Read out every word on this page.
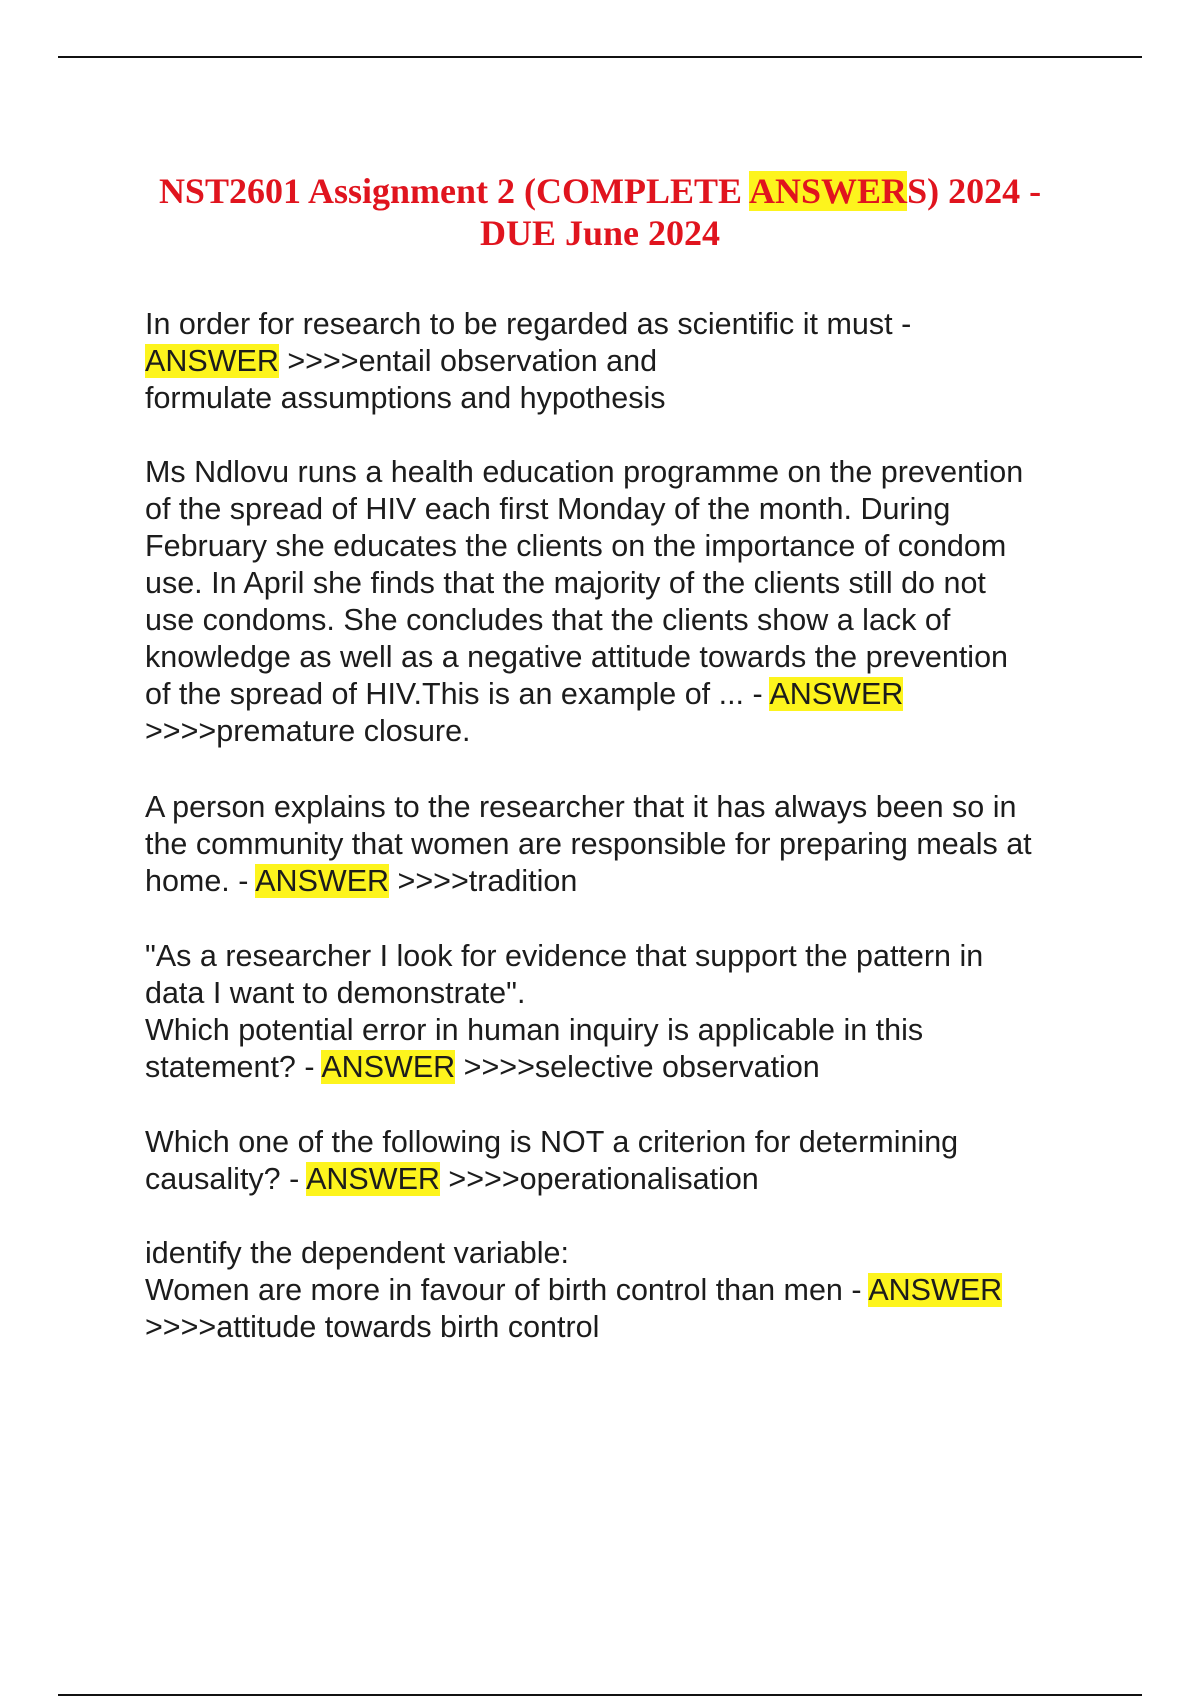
NST2601 Assignment 2 (COMPLETE ANSWERS) 2024 -
DUE June 2024

In order for research to be regarded as scientific it must -
ANSWER >>>>entail observation and
formulate assumptions and hypothesis

Ms Ndlovu runs a health education programme on the prevention
of the spread of HIV each first Monday of the month. During
February she educates the clients on the importance of condom
use. In April she finds that the majority of the clients still do not
use condoms. She concludes that the clients show a lack of
knowledge as well as a negative attitude towards the prevention
of the spread of HIV.This is an example of ... - ANSWER
>>>>premature closure.

A person explains to the researcher that it has always been so in
the community that women are responsible for preparing meals at
home. - ANSWER >>>>tradition

"As a researcher I look for evidence that support the pattern in
data I want to demonstrate".
Which potential error in human inquiry is applicable in this
statement? - ANSWER >>>>selective observation

Which one of the following is NOT a criterion for determining
causality? - ANSWER >>>>operationalisation

identify the dependent variable:
Women are more in favour of birth control than men - ANSWER
>>>>attitude towards birth control
